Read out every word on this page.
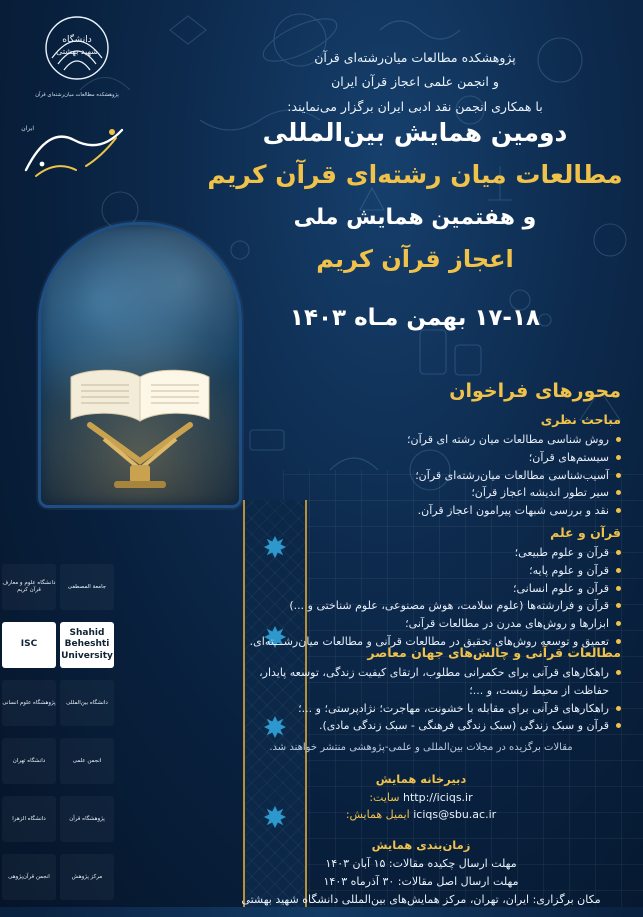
دانشگاه
شهید بهشتی
پژوهشکده مطالعات میان‌رشته‌ای قرآن
ایران
پژوهشکده مطالعات میان‌رشته‌ای قرآن
و انجمن علمی اعجاز قرآن ایران
با همکاری انجمن نقد ادبی ایران برگزار می‌نمایند:
دومین همایش بین‌المللی
مطالعات میان رشته‌ای قرآن کریم
و هفتمین همایش ملی
اعجاز قرآن کریم
۱۷-۱۸ بهمن مـاه ۱۴۰۳
محورهای فراخوان
مباحث نظری
روش شناسی مطالعات میان رشته ای قرآن؛
سیستم‌های قرآن؛
آسیب‌شناسی مطالعات میان‌رشته‌ای قرآن؛
سیر تطور اندیشه اعجاز قرآن؛
نقد و بررسی شبهات پیرامون اعجاز قرآن.
قرآن و علم
قرآن و علوم طبیعی؛
قرآن و علوم پایه؛
قرآن و علوم انسانی؛
قرآن و فرارشته‌ها (علوم سلامت، هوش مصنوعی، علوم شناختی و ...)
ابزارها و روش‌های مدرن در مطالعات قرآنی؛
تعمیق و توسعه روش‌های تحقیق در مطالعات قرآنی و مطالعات میان‌رشـــته‌ای.
مطالعات قرآنی و چالش‌های جهان معاصر
راهکارهای قرآنی برای حکمرانی مطلوب، ارتقای کیفیت زندگی، توسعه پایدار، حفاظت از محیط زیست، و ...؛
راهکارهای قرآنی برای مقابله با خشونت، مهاجرت؛ نژادپرستی؛ و ...؛
قرآن و سبک زندگی (سبک زندگی فرهنگی - سبک زندگی مادی).
مقالات برگزیده در مجلات بین‌المللی و علمی-پژوهشی منتشر خواهند شد.
دبیرخانه همایش
http://iciqs.ir سایت:
iciqs@sbu.ac.ir ایمیل همایش:
زمان‌بندی همایش
مهلت ارسال چکیده مقالات: ۱۵ آبان ۱۴۰۳
مهلت ارسال اصل مقالات: ۳۰ آذرماه ۱۴۰۳
مکان برگزاری: ایران، تهران، مرکز همایش‌های بین‌المللی دانشگاه شهید بهشتی
جامعة المصطفی
دانشگاه علوم و معارف قرآن کریم
Shahid Beheshti University
ISC
دانشگاه بین‌المللی
پژوهشگاه علوم انسانی
انجمن علمی
دانشگاه تهران
پژوهشگاه قرآن
دانشگاه الزهرا
مرکز پژوهش
انجمن قرآن‌پژوهی
